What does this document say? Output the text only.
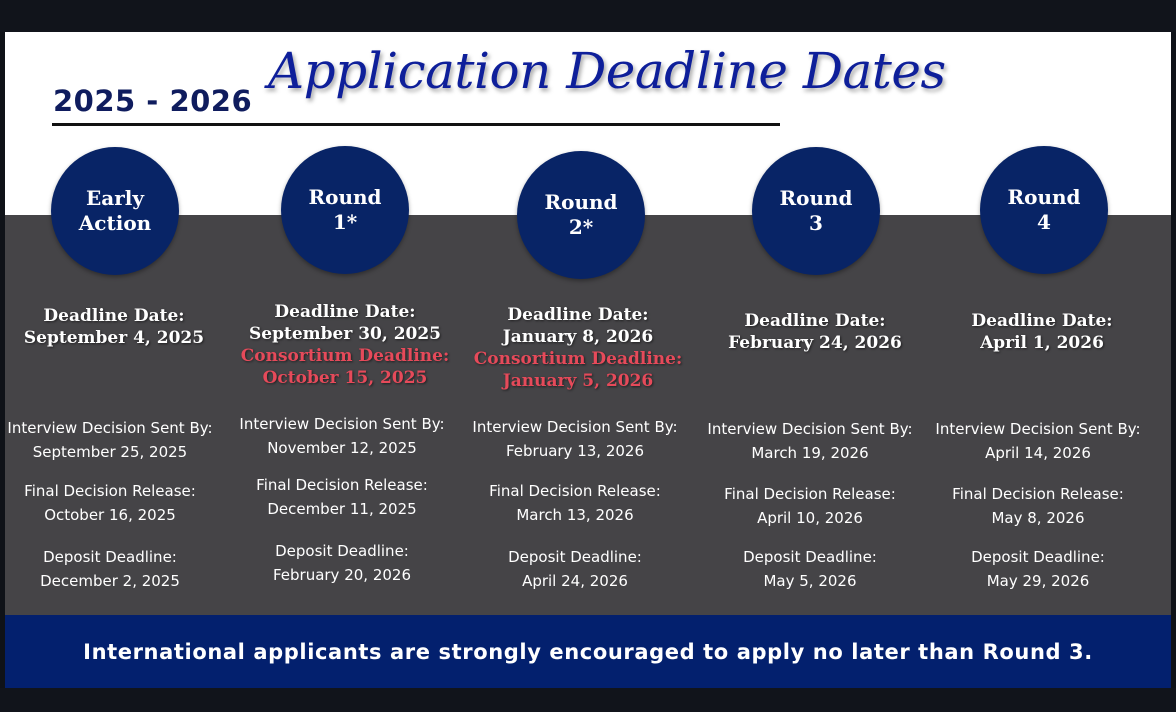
2025 - 2026
Application Deadline Dates
Early
Action
Deadline Date:
September 4, 2025
Interview Decision Sent By:
September 25, 2025
Final Decision Release:
October 16, 2025
Deposit Deadline:
December 2, 2025
Round
1*
Deadline Date:
September 30, 2025
Consortium Deadline:
October 15, 2025
Interview Decision Sent By:
November 12, 2025
Final Decision Release:
December 11, 2025
Deposit Deadline:
February 20, 2026
Round
2*
Deadline Date:
January 8, 2026
Consortium Deadline:
January 5, 2026
Interview Decision Sent By:
February 13, 2026
Final Decision Release:
March 13, 2026
Deposit Deadline:
April 24, 2026
Round
3
Deadline Date:
February 24, 2026
Interview Decision Sent By:
March 19, 2026
Final Decision Release:
April 10, 2026
Deposit Deadline:
May 5, 2026
Round
4
Deadline Date:
April 1, 2026
Interview Decision Sent By:
April 14, 2026
Final Decision Release:
May 8, 2026
Deposit Deadline:
May 29, 2026
International applicants are strongly encouraged to apply no later than Round 3.
